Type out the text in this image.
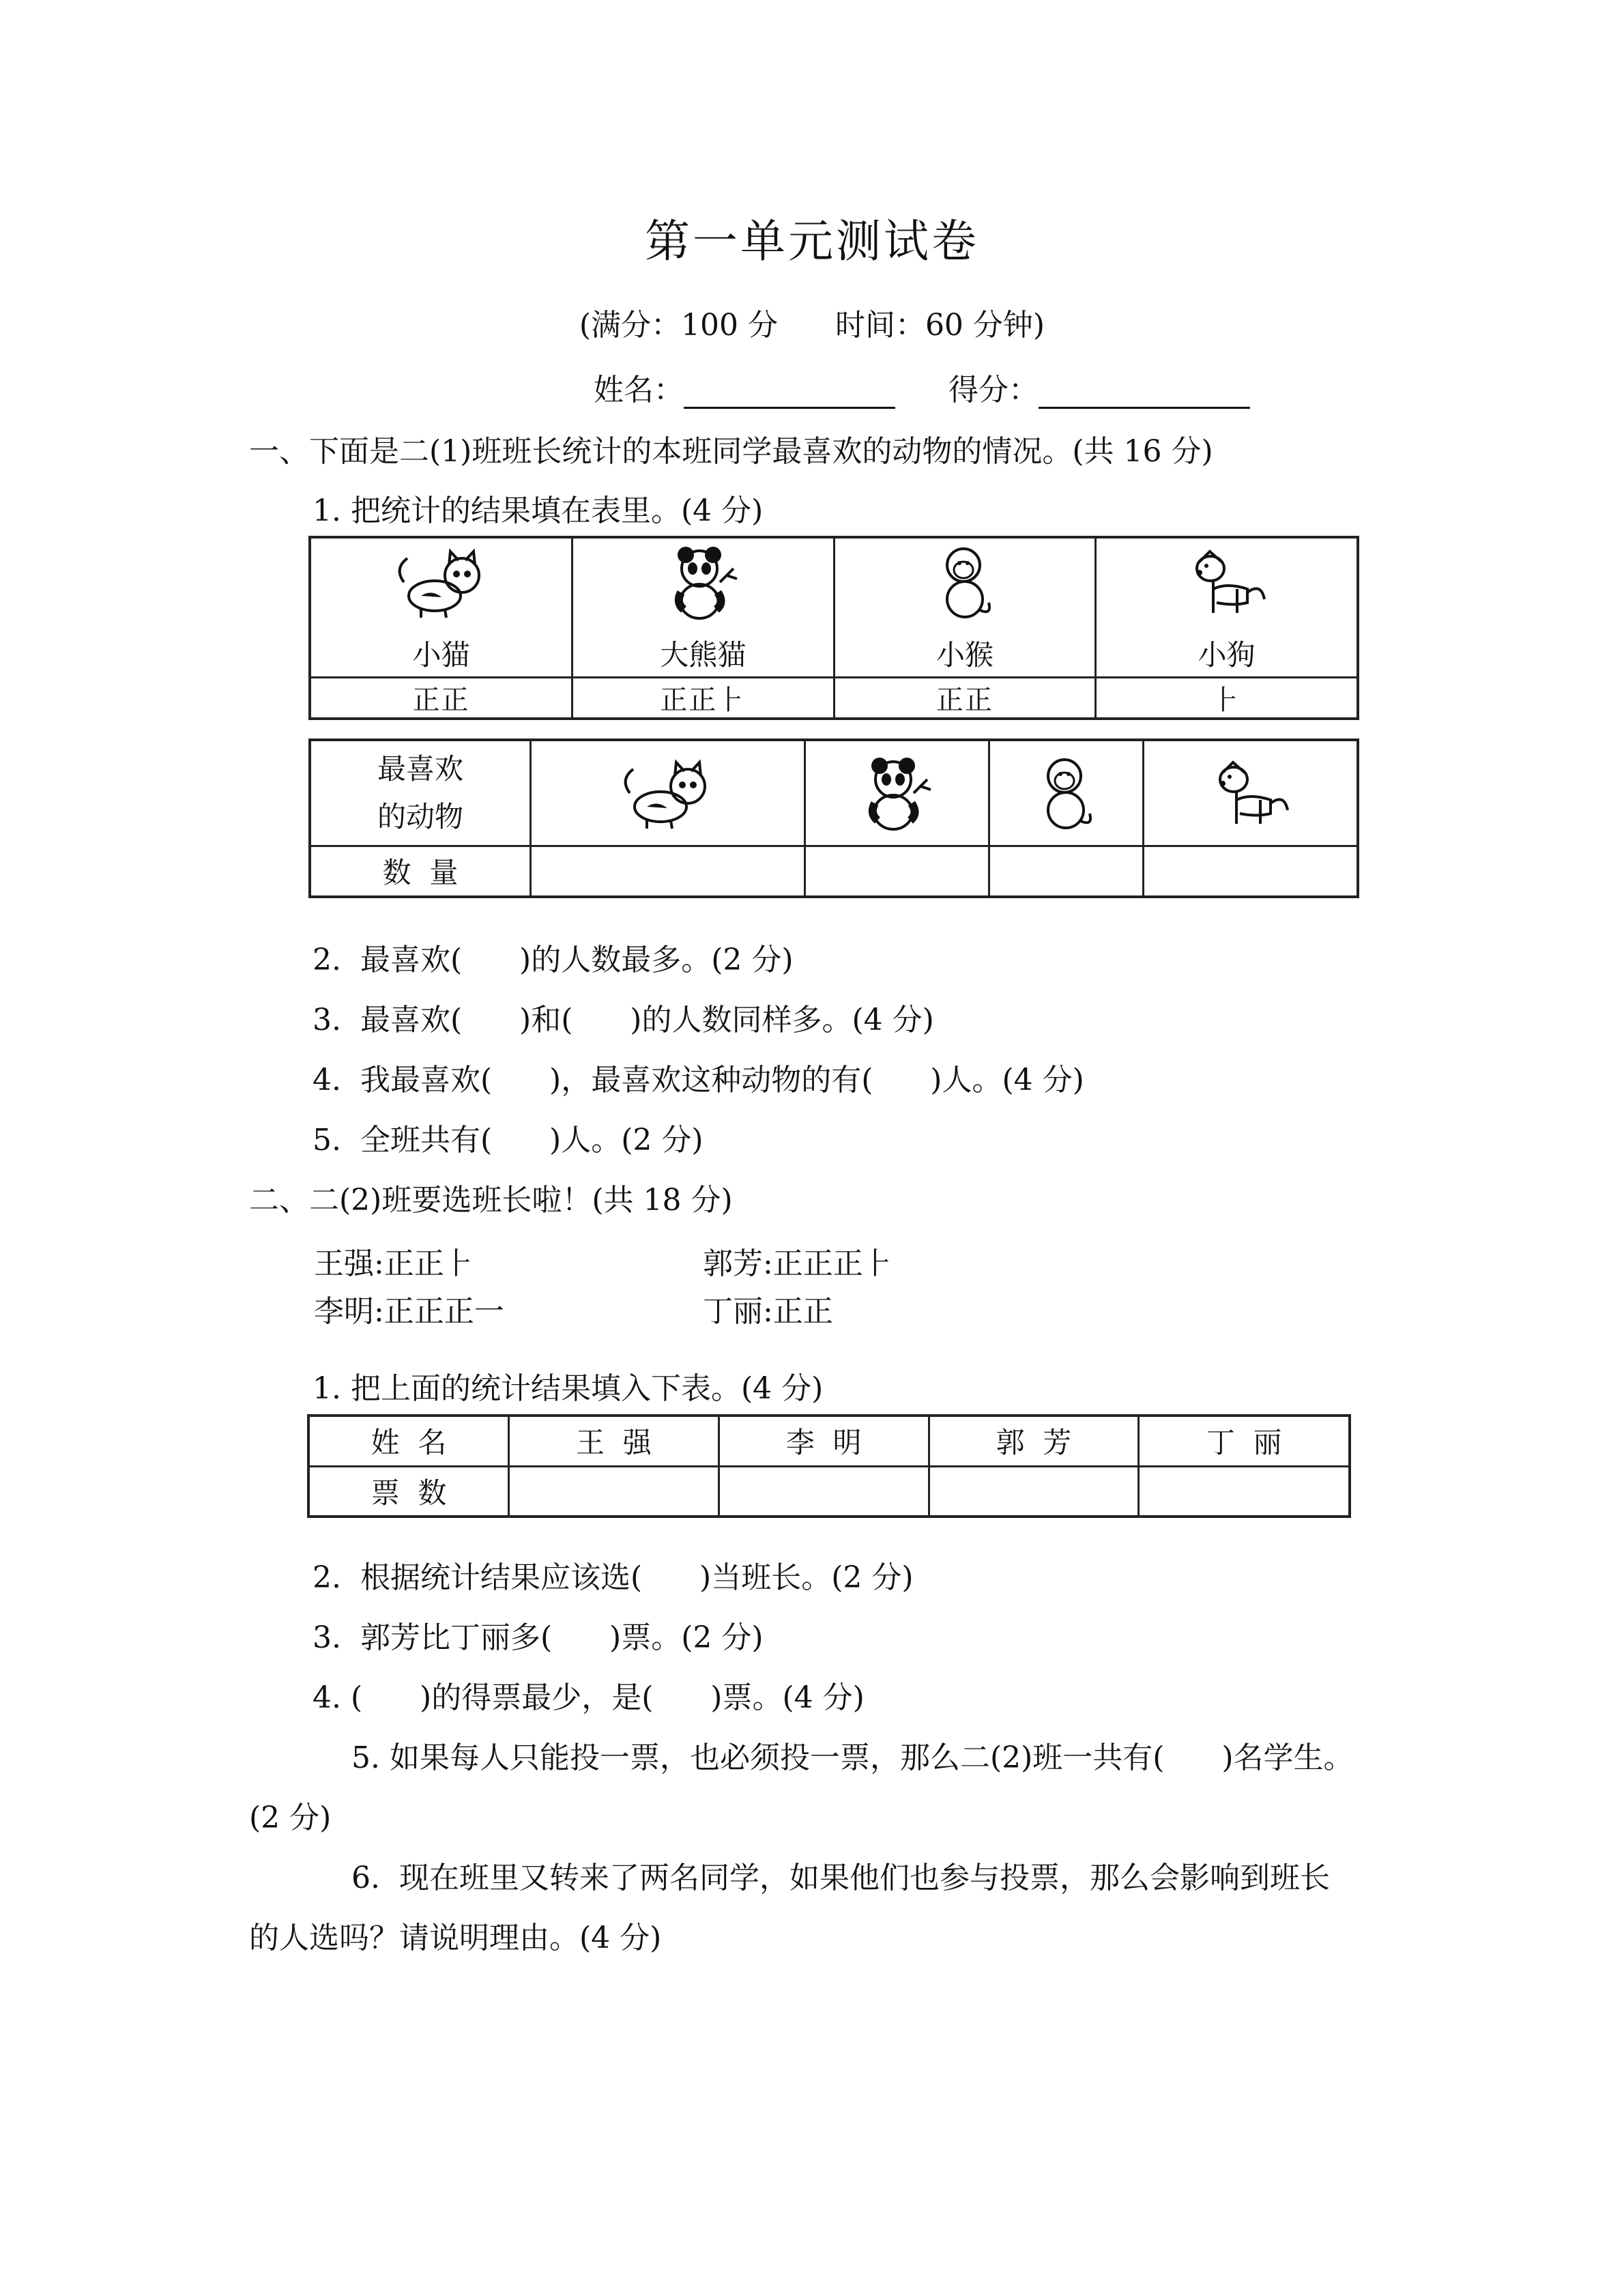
第一单元测试卷
(满分：100 分      时间：60 分钟)
姓名：	得分：
一、下面是二(1)班班长统计的本班同学最喜欢的动物的情况。(共 16 分)
1. 把统计的结果填在表里。(4 分)
小猫	大熊猫	小猴	小狗

正正	正正⺊	正正	⺊
最喜欢
的动物

数  量				
2.  最喜欢(      )的人数最多。(2 分)
3.  最喜欢(      )和(      )的人数同样多。(4 分)
4.  我最喜欢(      )，最喜欢这种动物的有(      )人。(4 分)
5.  全班共有(      )人。(2 分)
二、二(2)班要选班长啦！(共 18 分)
王强:正正⺊	郭芳:正正正⺊
李明:正正正一	丁丽:正正
1. 把上面的统计结果填入下表。(4 分)
姓  名	王  强	李  明	郭  芳	丁  丽
票  数				
2.  根据统计结果应该选(      )当班长。(2 分)
3.  郭芳比丁丽多(      )票。(2 分)
4. (      )的得票最少，是(      )票。(4 分)
5. 如果每人只能投一票，也必须投一票，那么二(2)班一共有(      )名学生。
(2 分)
6.  现在班里又转来了两名同学，如果他们也参与投票，那么会影响到班长
的人选吗？请说明理由。(4 分)
